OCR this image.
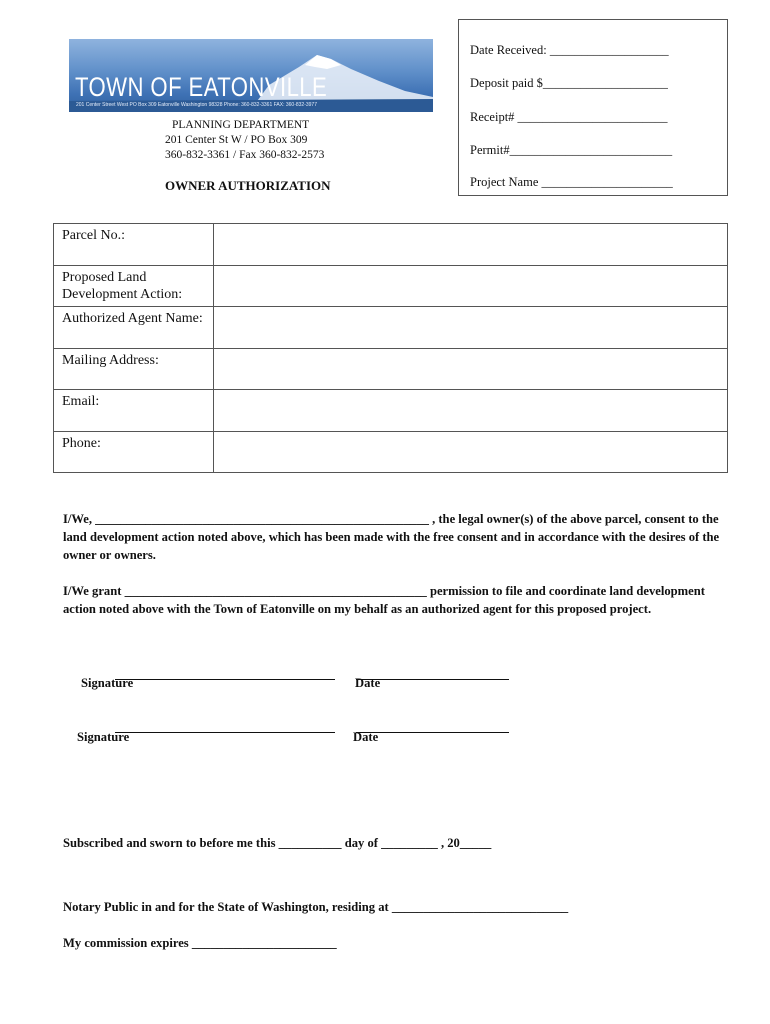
TOWN OF EATONVILLE
201 Center Street West PO Box 309 Eatonville Washington 98328 Phone: 360-832-3361 FAX: 360-832-3977
PLANNING DEPARTMENT
201 Center St W / PO Box 309
360-832-3361 / Fax 360-832-2573
OWNER AUTHORIZATION
Date Received: ___________________
Deposit paid $____________________
Receipt# ________________________
Permit#__________________________
Project Name _____________________
Parcel No.:	
Proposed Land Development Action:	
Authorized Agent Name:	
Mailing Address:	
Email:	
Phone:	
I/We, _____________________________________________________ , the legal owner(s) of the above parcel, consent to the land development action noted above, which has been made with the free consent and in accordance with the desires of the owner or owners.
I/We grant ________________________________________________ permission to file and coordinate land development action noted above with the Town of Eatonville on my behalf as an authorized agent for this proposed project.
Signature	Date
Signature	Date
Subscribed and sworn to before me this __________ day of _________ , 20_____
Notary Public in and for the State of Washington, residing at ____________________________
My commission expires _______________________
